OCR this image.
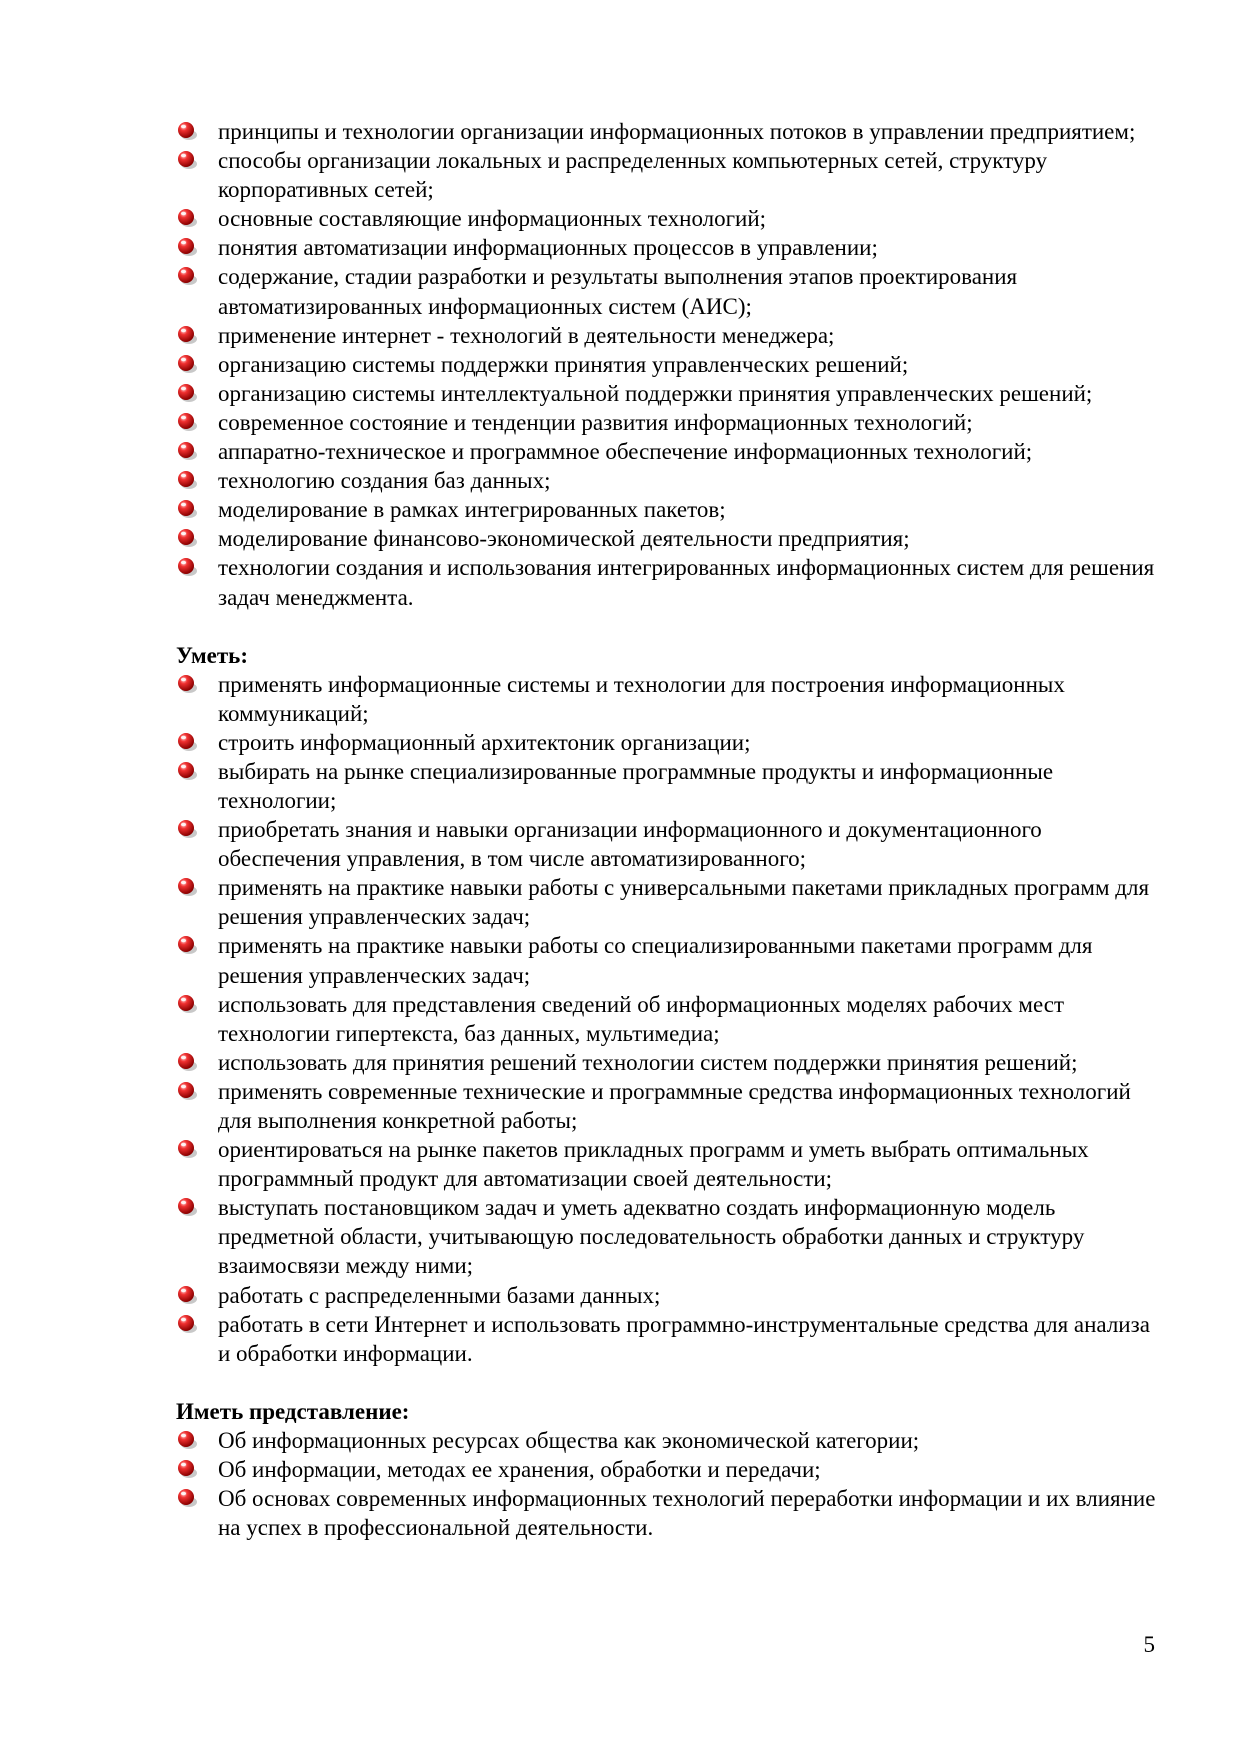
принципы и технологии организации информационных потоков в управлении предприятием;
способы организации локальных и распределенных компьютерных сетей, структуру корпоративных сетей;
основные составляющие информационных технологий;
понятия автоматизации информационных процессов в управлении;
содержание, стадии разработки и результаты выполнения этапов проектирования автоматизированных информационных систем (АИС);
применение интернет - технологий в деятельности менеджера;
организацию системы поддержки принятия управленческих решений;
организацию системы интеллектуальной поддержки принятия управленческих решений;
современное состояние и тенденции развития информационных технологий;
аппаратно-техническое и программное обеспечение информационных технологий;
технологию создания баз данных;
моделирование в рамках интегрированных пакетов;
моделирование финансово-экономической деятельности предприятия;
технологии создания и использования интегрированных информационных систем для решения задач менеджмента.

Уметь:

применять информационные системы и технологии для построения информационных коммуникаций;
строить информационный архитектоник организации;
выбирать на рынке специализированные программные продукты и информационные технологии;
приобретать знания и навыки организации информационного и документационного обеспечения управления, в том числе автоматизированного;
применять на практике навыки работы с универсальными пакетами прикладных программ для решения управленческих задач;
применять на практике навыки работы со специализированными пакетами программ для решения управленческих задач;
использовать для представления сведений об информационных моделях рабочих мест технологии гипертекста, баз данных, мультимедиа;
использовать для принятия решений технологии систем поддержки принятия решений;
применять современные технические и программные средства информационных технологий для выполнения конкретной работы;
ориентироваться на рынке пакетов прикладных программ и уметь выбрать оптимальных программный продукт для автоматизации своей деятельности;
выступать постановщиком задач и уметь адекватно создать информационную модель предметной области, учитывающую последовательность обработки данных и структуру взаимосвязи между ними;
работать с распределенными базами данных;
работать в сети Интернет и использовать программно-инструментальные средства для анализа и обработки информации.

Иметь представление:

Об информационных ресурсах общества как экономической категории;
Об информации, методах ее хранения, обработки и передачи;
Об основах современных информационных технологий переработки информации и их влияние на успех в профессиональной деятельности.
5
